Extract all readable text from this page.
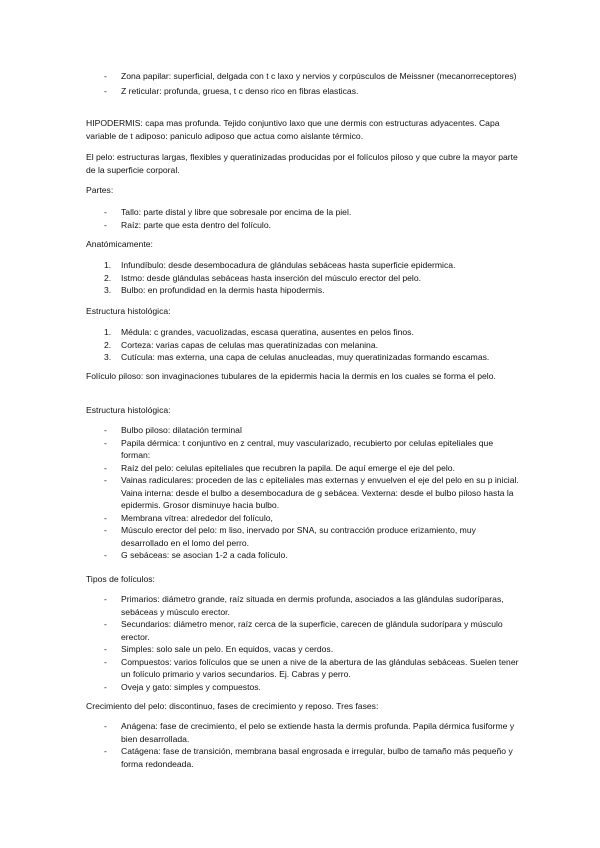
- Zona papilar: superficial, delgada con t c laxo y nervios y corpúsculos de Meissner (mecanorreceptores)
- Z reticular: profunda, gruesa, t c denso rico en fibras elasticas.

HIPODERMIS: capa mas profunda. Tejido conjuntivo laxo que une dermis con estructuras adyacentes. Capa variable de t adiposo: paniculo adiposo que actua como aislante térmico.

El pelo: estructuras largas, flexibles y queratinizadas producidas por el folículos piloso y que cubre la mayor parte de la superficie corporal.

Partes:

- Tallo: parte distal y libre que sobresale por encima de la piel.
- Raíz: parte que esta dentro del folículo.

Anatómicamente:

1. Infundíbulo: desde desembocadura de glándulas sebáceas hasta superficie epidermica.
2. Istmo: desde glándulas sebáceas hasta inserción del músculo erector del pelo.
3. Bulbo: en profundidad en la dermis hasta hipodermis.

Estructura histológica:

1. Médula: c grandes, vacuolizadas, escasa queratina, ausentes en pelos finos.
2. Corteza: varias capas de celulas mas queratinizadas con melanina.
3. Cutícula: mas externa, una capa de celulas anucleadas, muy queratinizadas formando escamas.

Folículo piloso: son invaginaciones tubulares de la epidermis hacia la dermis en los cuales se forma el pelo.

Estructura histológica:

- Bulbo piloso: dilatación terminal
- Papila dérmica: t conjuntivo en z central, muy vascularizado, recubierto por celulas epiteliales que forman:
- Raíz del pelo: celulas epiteliales que recubren la papila. De aquí emerge el eje del pelo.
- Vainas radiculares: proceden de las c epiteliales mas externas y envuelven el eje del pelo en su p inicial. Vaina interna: desde el bulbo a desembocadura de g sebácea. Vexterna: desde el bulbo piloso hasta la epidermis. Grosor disminuye hacia bulbo.
- Membrana vítrea: alrededor del folículo,
- Músculo erector del pelo: m liso, inervado por SNA, su contracción produce erizamiento, muy desarrollado en el lomo del perro.
- G sebáceas: se asocian 1-2 a cada folículo.

Tipos de folículos:

- Primarios: diámetro grande, raíz situada en dermis profunda, asociados a las glándulas sudoríparas, sebáceas y músculo erector.
- Secundarios: diámetro menor, raíz cerca de la superficie, carecen de glándula sudoríparа y músculo erector.
- Simples: solo sale un pelo. En equidos, vacas y cerdos.
- Compuestos: varios folículos que se unen a nive de la abertura de las glándulas sebáceas. Suelen tener un folículo primario y varios secundarios. Ej. Cabras y perro.
- Oveja y gato: simples y compuestos.

Crecimiento del pelo: discontinuo, fases de crecimiento y reposo. Tres fases:

- Anágena: fase de crecimiento, el pelo se extiende hasta la dermis profunda. Papila dérmica fusiforme y bien desarrollada.
- Catágena: fase de transición, membrana basal engrosada e irregular, bulbo de tamaño más pequeño y forma redondeada.
